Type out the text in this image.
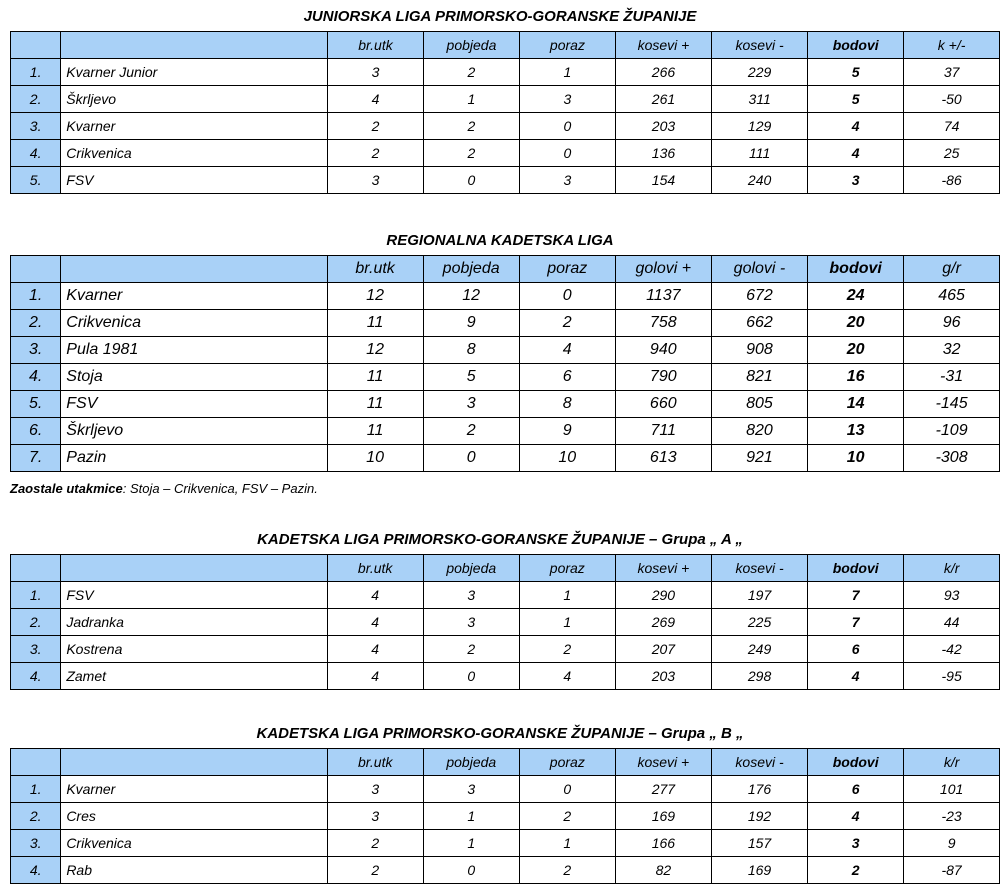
JUNIORSKA LIGA PRIMORSKO-GORANSKE ŽUPANIJE
		br.utk	pobjeda	poraz	kosevi +	kosevi -	bodovi	k +/-
1.	Kvarner Junior	3	2	1	266	229	5	37
2.	Škrljevo	4	1	3	261	311	5	-50
3.	Kvarner	2	2	0	203	129	4	74
4.	Crikvenica	2	2	0	136	111	4	25
5.	FSV	3	0	3	154	240	3	-86
REGIONALNA KADETSKA LIGA
		br.utk	pobjeda	poraz	golovi +	golovi -	bodovi	g/r
1.	Kvarner	12	12	0	1137	672	24	465
2.	Crikvenica	11	9	2	758	662	20	96
3.	Pula 1981	12	8	4	940	908	20	32
4.	Stoja	11	5	6	790	821	16	-31
5.	FSV	11	3	8	660	805	14	-145
6.	Škrljevo	11	2	9	711	820	13	-109
7.	Pazin	10	0	10	613	921	10	-308
KADETSKA LIGA PRIMORSKO-GORANSKE ŽUPANIJE – Grupa „ A „
		br.utk	pobjeda	poraz	kosevi +	kosevi -	bodovi	k/r
1.	FSV	4	3	1	290	197	7	93
2.	Jadranka	4	3	1	269	225	7	44
3.	Kostrena	4	2	2	207	249	6	-42
4.	Zamet	4	0	4	203	298	4	-95
KADETSKA LIGA PRIMORSKO-GORANSKE ŽUPANIJE – Grupa „ B „
		br.utk	pobjeda	poraz	kosevi +	kosevi -	bodovi	k/r
1.	Kvarner	3	3	0	277	176	6	101
2.	Cres	3	1	2	169	192	4	-23
3.	Crikvenica	2	1	1	166	157	3	9
4.	Rab	2	0	2	82	169	2	-87
Zaostale utakmice: Stoja – Crikvenica, FSV – Pazin.
